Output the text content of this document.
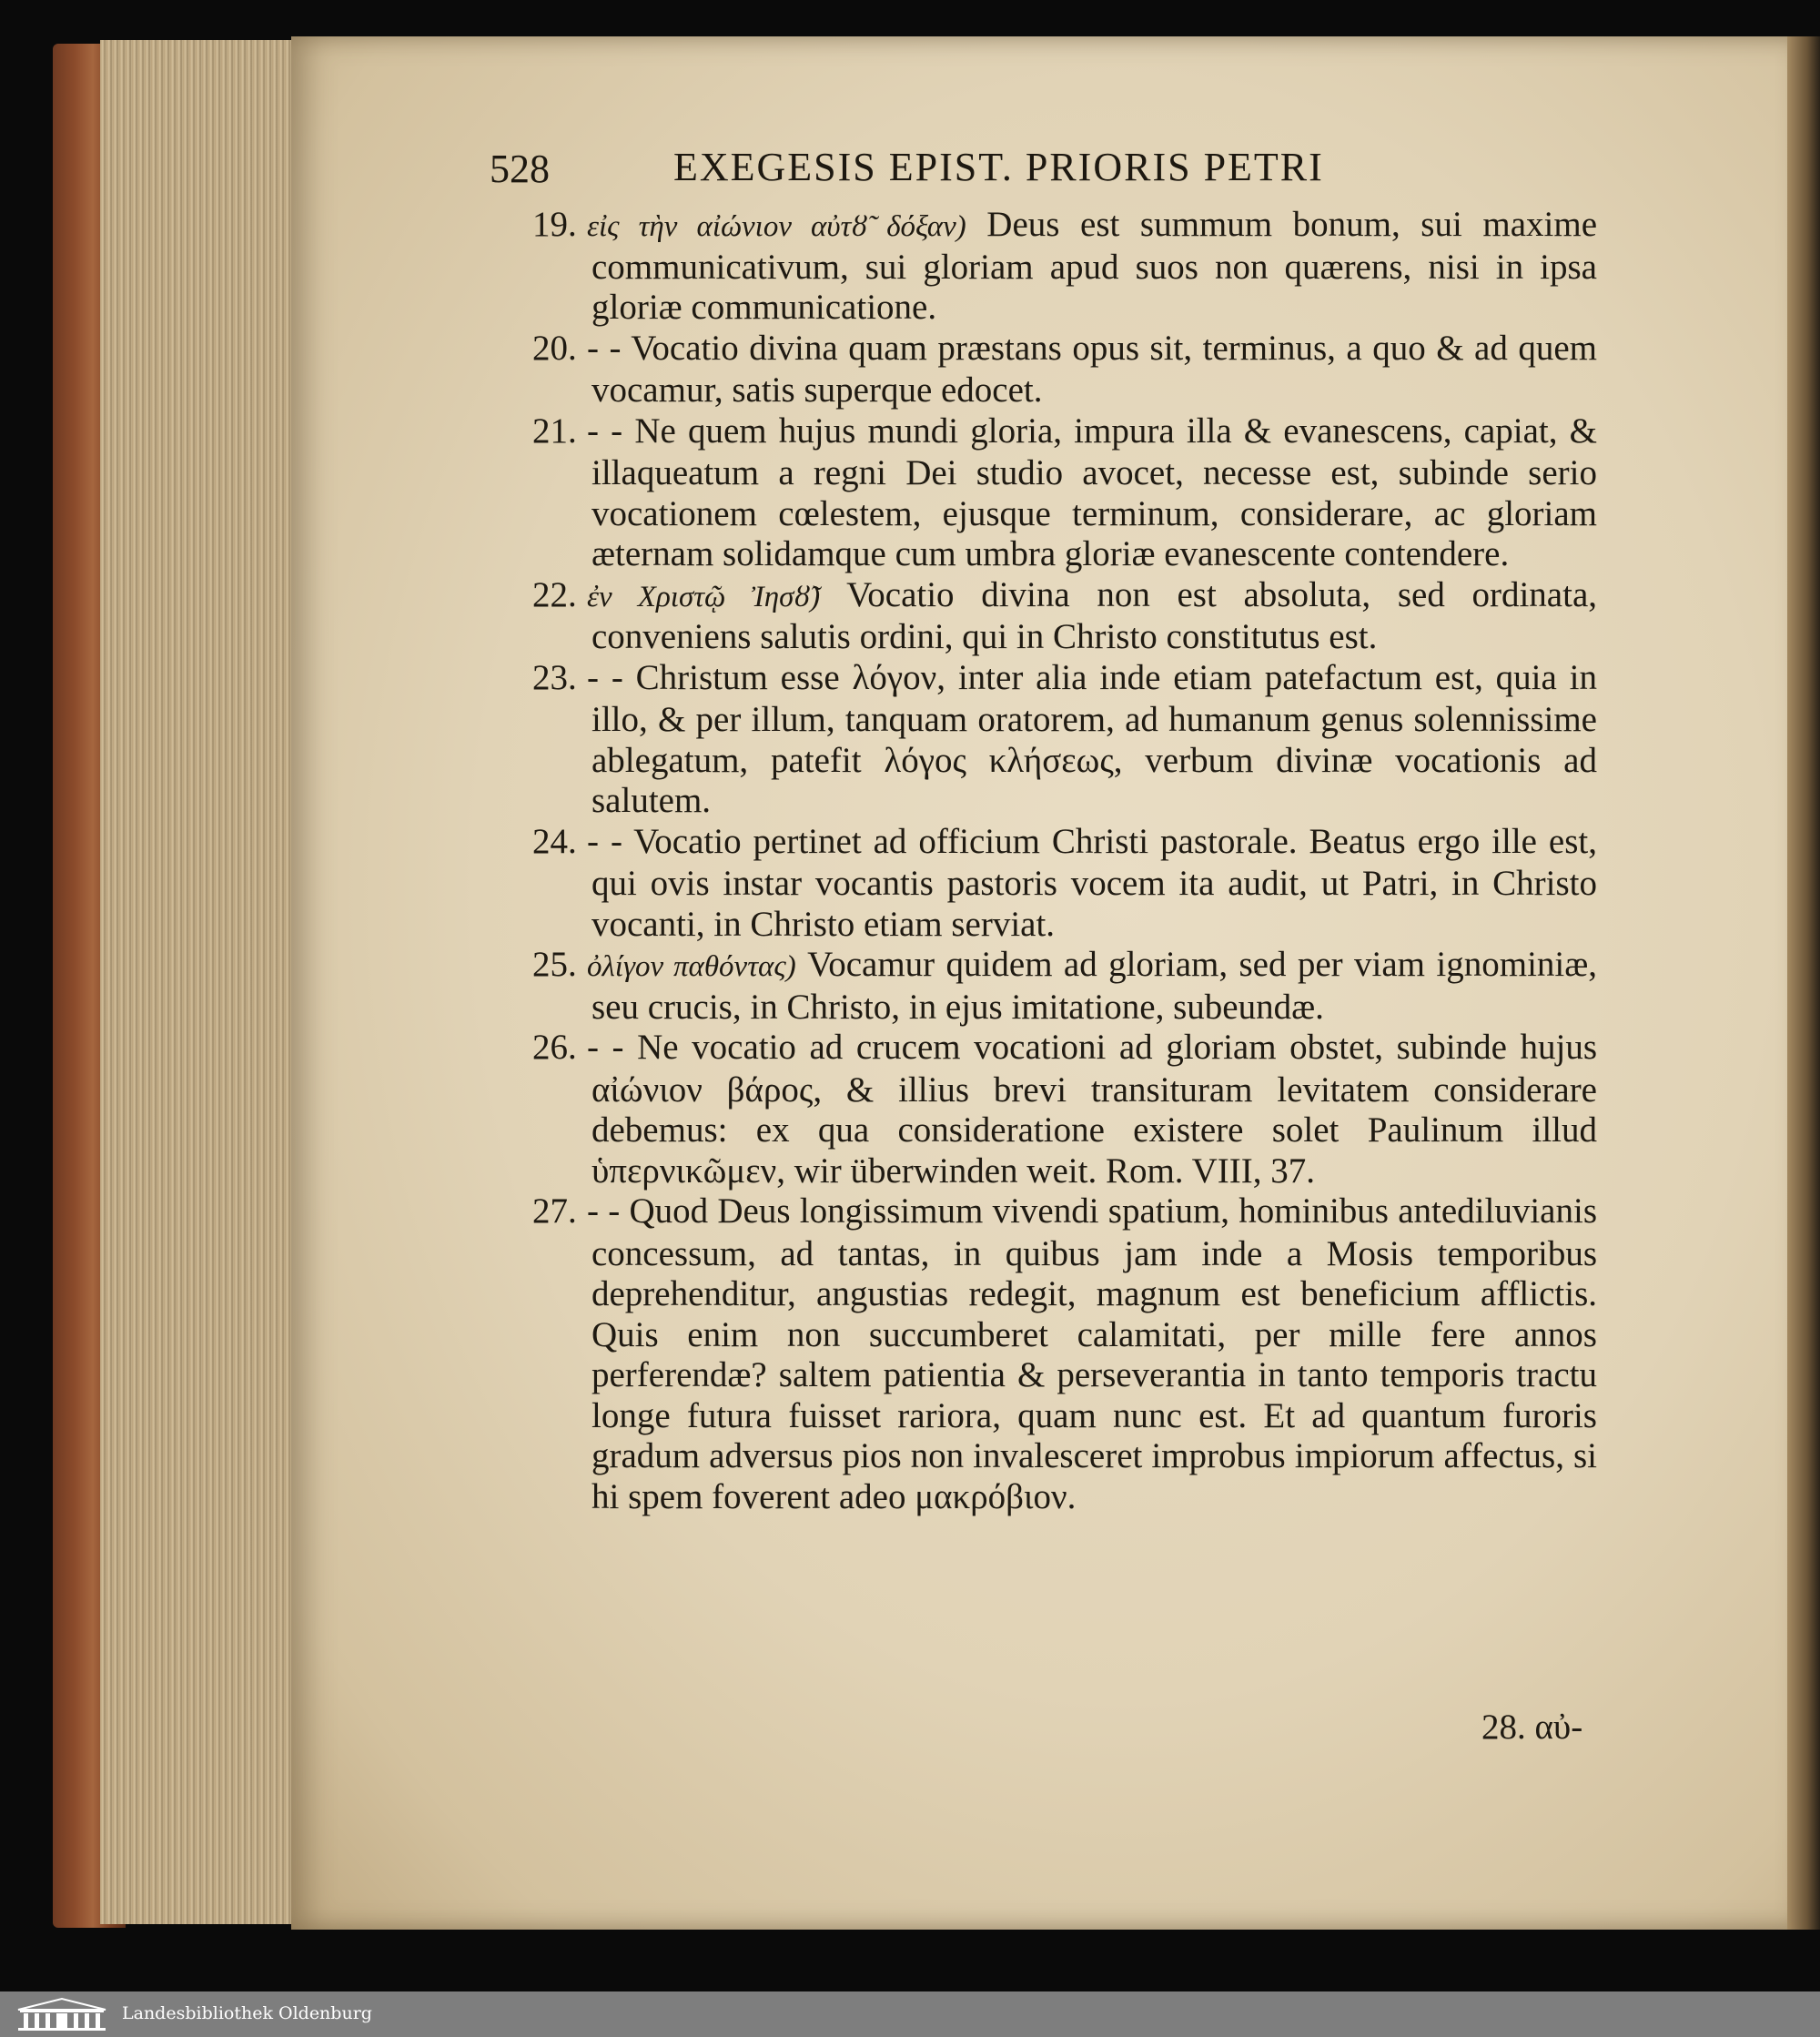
528	EXEGESIS EPIST. PRIORIS PETRI

19. εἰς τὴν αἰώνιον αὐτȣ̃ δόξαν) Deus est summum bonum, sui maxime communicativum, sui gloriam apud suos non quærens, nisi in ipsa gloriæ communicatione.

20. - - Vocatio divina quam præstans opus sit, terminus, a quo & ad quem vocamur, satis superque edocet.

21. - - Ne quem hujus mundi gloria, impura illa & evanescens, capiat, & illaqueatum a regni Dei studio avocet, necesse est, subinde serio vocationem cœlestem, ejusque terminum, considerare, ac gloriam æternam solidamque cum umbra gloriæ evanescente contendere.

22. ἐν Χριστῷ Ἰησȣ̃) Vocatio divina non est absoluta, sed ordinata, conveniens salutis ordini, qui in Christo constitutus est.

23. - - Christum esse λόγον, inter alia inde etiam patefactum est, quia in illo, & per illum, tanquam oratorem, ad humanum genus solennissime ablegatum, patefit λόγος κλήσεως, verbum divinæ vocationis ad salutem.

24. - - Vocatio pertinet ad officium Christi pastorale. Beatus ergo ille est, qui ovis instar vocantis pastoris vocem ita audit, ut Patri, in Christo vocanti, in Christo etiam serviat.

25. ὀλίγον παθόντας) Vocamur quidem ad gloriam, sed per viam ignominiæ, seu crucis, in Christo, in ejus imitatione, subeundæ.

26. - - Ne vocatio ad crucem vocationi ad gloriam obstet, subinde hujus αἰώνιον βάρος, & illius brevi transituram levitatem considerare debemus: ex qua consideratione existere solet Paulinum illud ὑπερνικῶμεν, wir überwinden weit. Rom. VIII, 37.

27. - - Quod Deus longissimum vivendi spatium, hominibus antediluvianis concessum, ad tantas, in quibus jam inde a Mosis temporibus deprehenditur, angustias redegit, magnum est beneficium afflictis. Quis enim non succumberet calamitati, per mille fere annos perferendæ? saltem patientia & perseverantia in tanto temporis tractu longe futura fuisset rariora, quam nunc est. Et ad quantum furoris gradum adversus pios non invalesceret improbus impiorum affectus, si hi spem foverent adeo μακρόβιον.

28. αὐ-
Landesbibliothek Oldenburg
